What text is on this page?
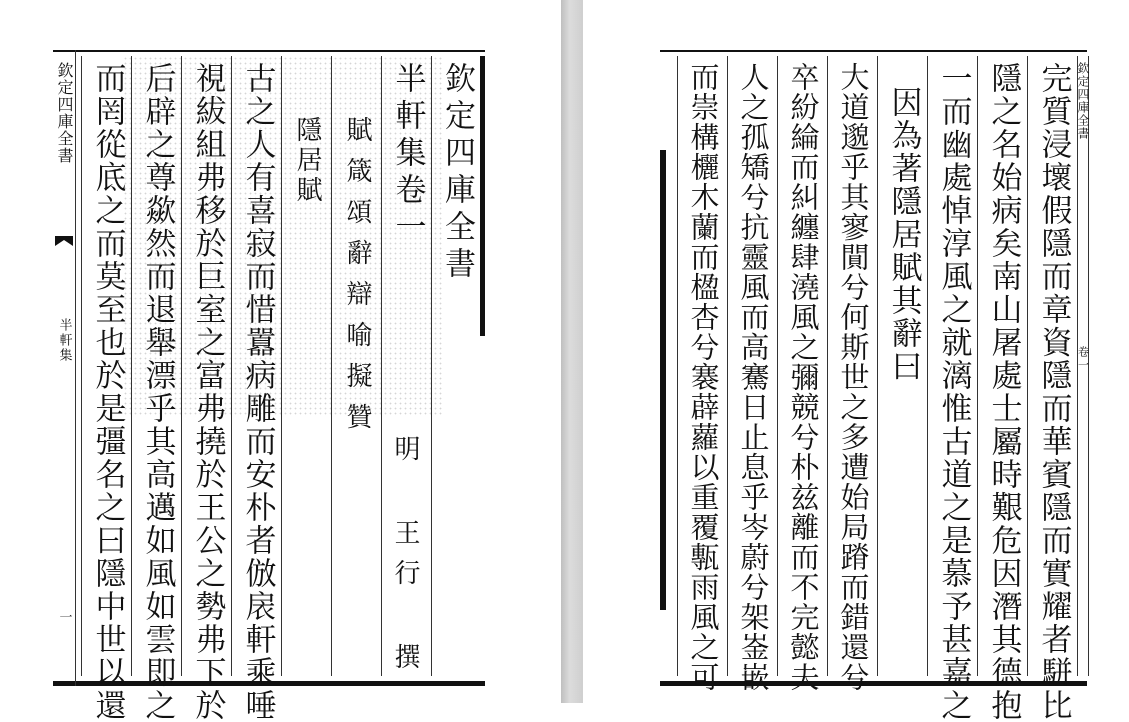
欽定四庫全書
半軒集
一
欽定四庫全書
半軒集卷一
賦箴頌辭辯喻擬贊
隱居賦
古之人有喜寂而惜囂病雕而安朴者倣扆軒乘唾
視紱組弗移於巨室之富弗撓於王公之勢弗下於
后辟之尊歘然而退舉漂乎其高邁如風如雲即之
而罔從底之而莫至也於是彊名之曰隱中世以還	明 王行 撰	完質浸壞假隱而章資隱而華賓隱而實耀者駢比
隱之名始病矣南山屠處士屬時艱危因潛其德抱
一而幽處悼淳風之就漓惟古道之是慕予甚嘉之
因為著隱居賦其辭曰
大道邈乎其寥閴兮何斯世之多遭始局蹐而錯還兮
卒紛綸而糾纏肆澆風之彌競兮朴兹離而不完懿夫
人之孤矯兮抗靈風而高騫日止息乎岑蔚兮架崟嵌
而崇構欐木蘭而楹杏兮褰薜蘿以重覆甎雨風之可	欽定四庫全書
卷一
